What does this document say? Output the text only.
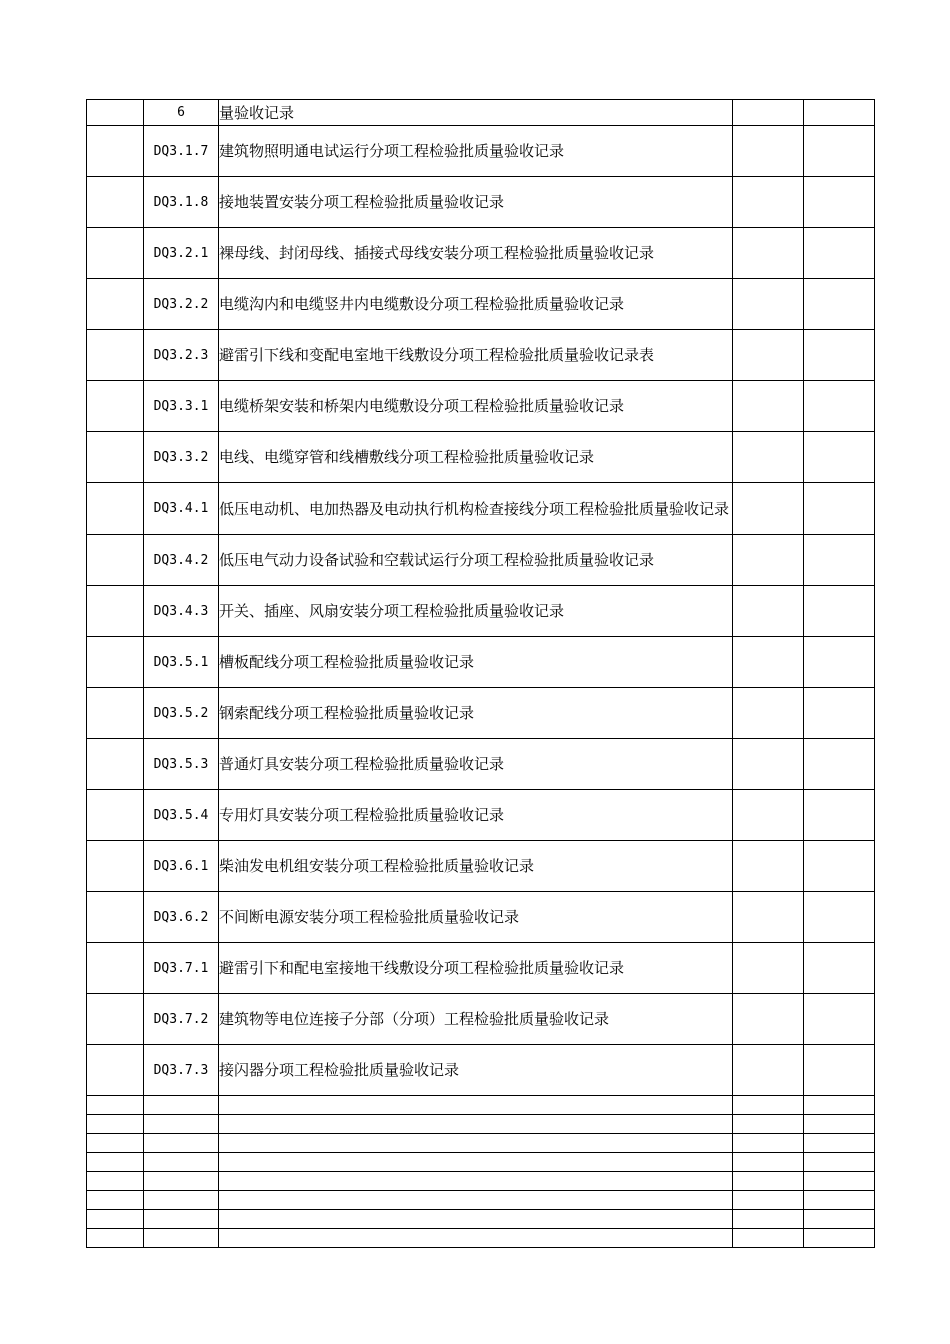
	6	量验收记录		
	DQ3.1.7	建筑物照明通电试运行分项工程检验批质量验收记录		
	DQ3.1.8	接地装置安装分项工程检验批质量验收记录		
	DQ3.2.1	裸母线、封闭母线、插接式母线安装分项工程检验批质量验收记录		
	DQ3.2.2	电缆沟内和电缆竖井内电缆敷设分项工程检验批质量验收记录		
	DQ3.2.3	避雷引下线和变配电室地干线敷设分项工程检验批质量验收记录表		
	DQ3.3.1	电缆桥架安装和桥架内电缆敷设分项工程检验批质量验收记录		
	DQ3.3.2	电线、电缆穿管和线槽敷线分项工程检验批质量验收记录		
	DQ3.4.1	低压电动机、电加热器及电动执行机构检查接线分项工程检验批质量验收记录		
	DQ3.4.2	低压电气动力设备试验和空载试运行分项工程检验批质量验收记录		
	DQ3.4.3	开关、插座、风扇安装分项工程检验批质量验收记录		
	DQ3.5.1	槽板配线分项工程检验批质量验收记录		
	DQ3.5.2	钢索配线分项工程检验批质量验收记录		
	DQ3.5.3	普通灯具安装分项工程检验批质量验收记录		
	DQ3.5.4	专用灯具安装分项工程检验批质量验收记录		
	DQ3.6.1	柴油发电机组安装分项工程检验批质量验收记录		
	DQ3.6.2	不间断电源安装分项工程检验批质量验收记录		
	DQ3.7.1	避雷引下和配电室接地干线敷设分项工程检验批质量验收记录		
	DQ3.7.2	建筑物等电位连接子分部（分项）工程检验批质量验收记录		
	DQ3.7.3	接闪器分项工程检验批质量验收记录		
